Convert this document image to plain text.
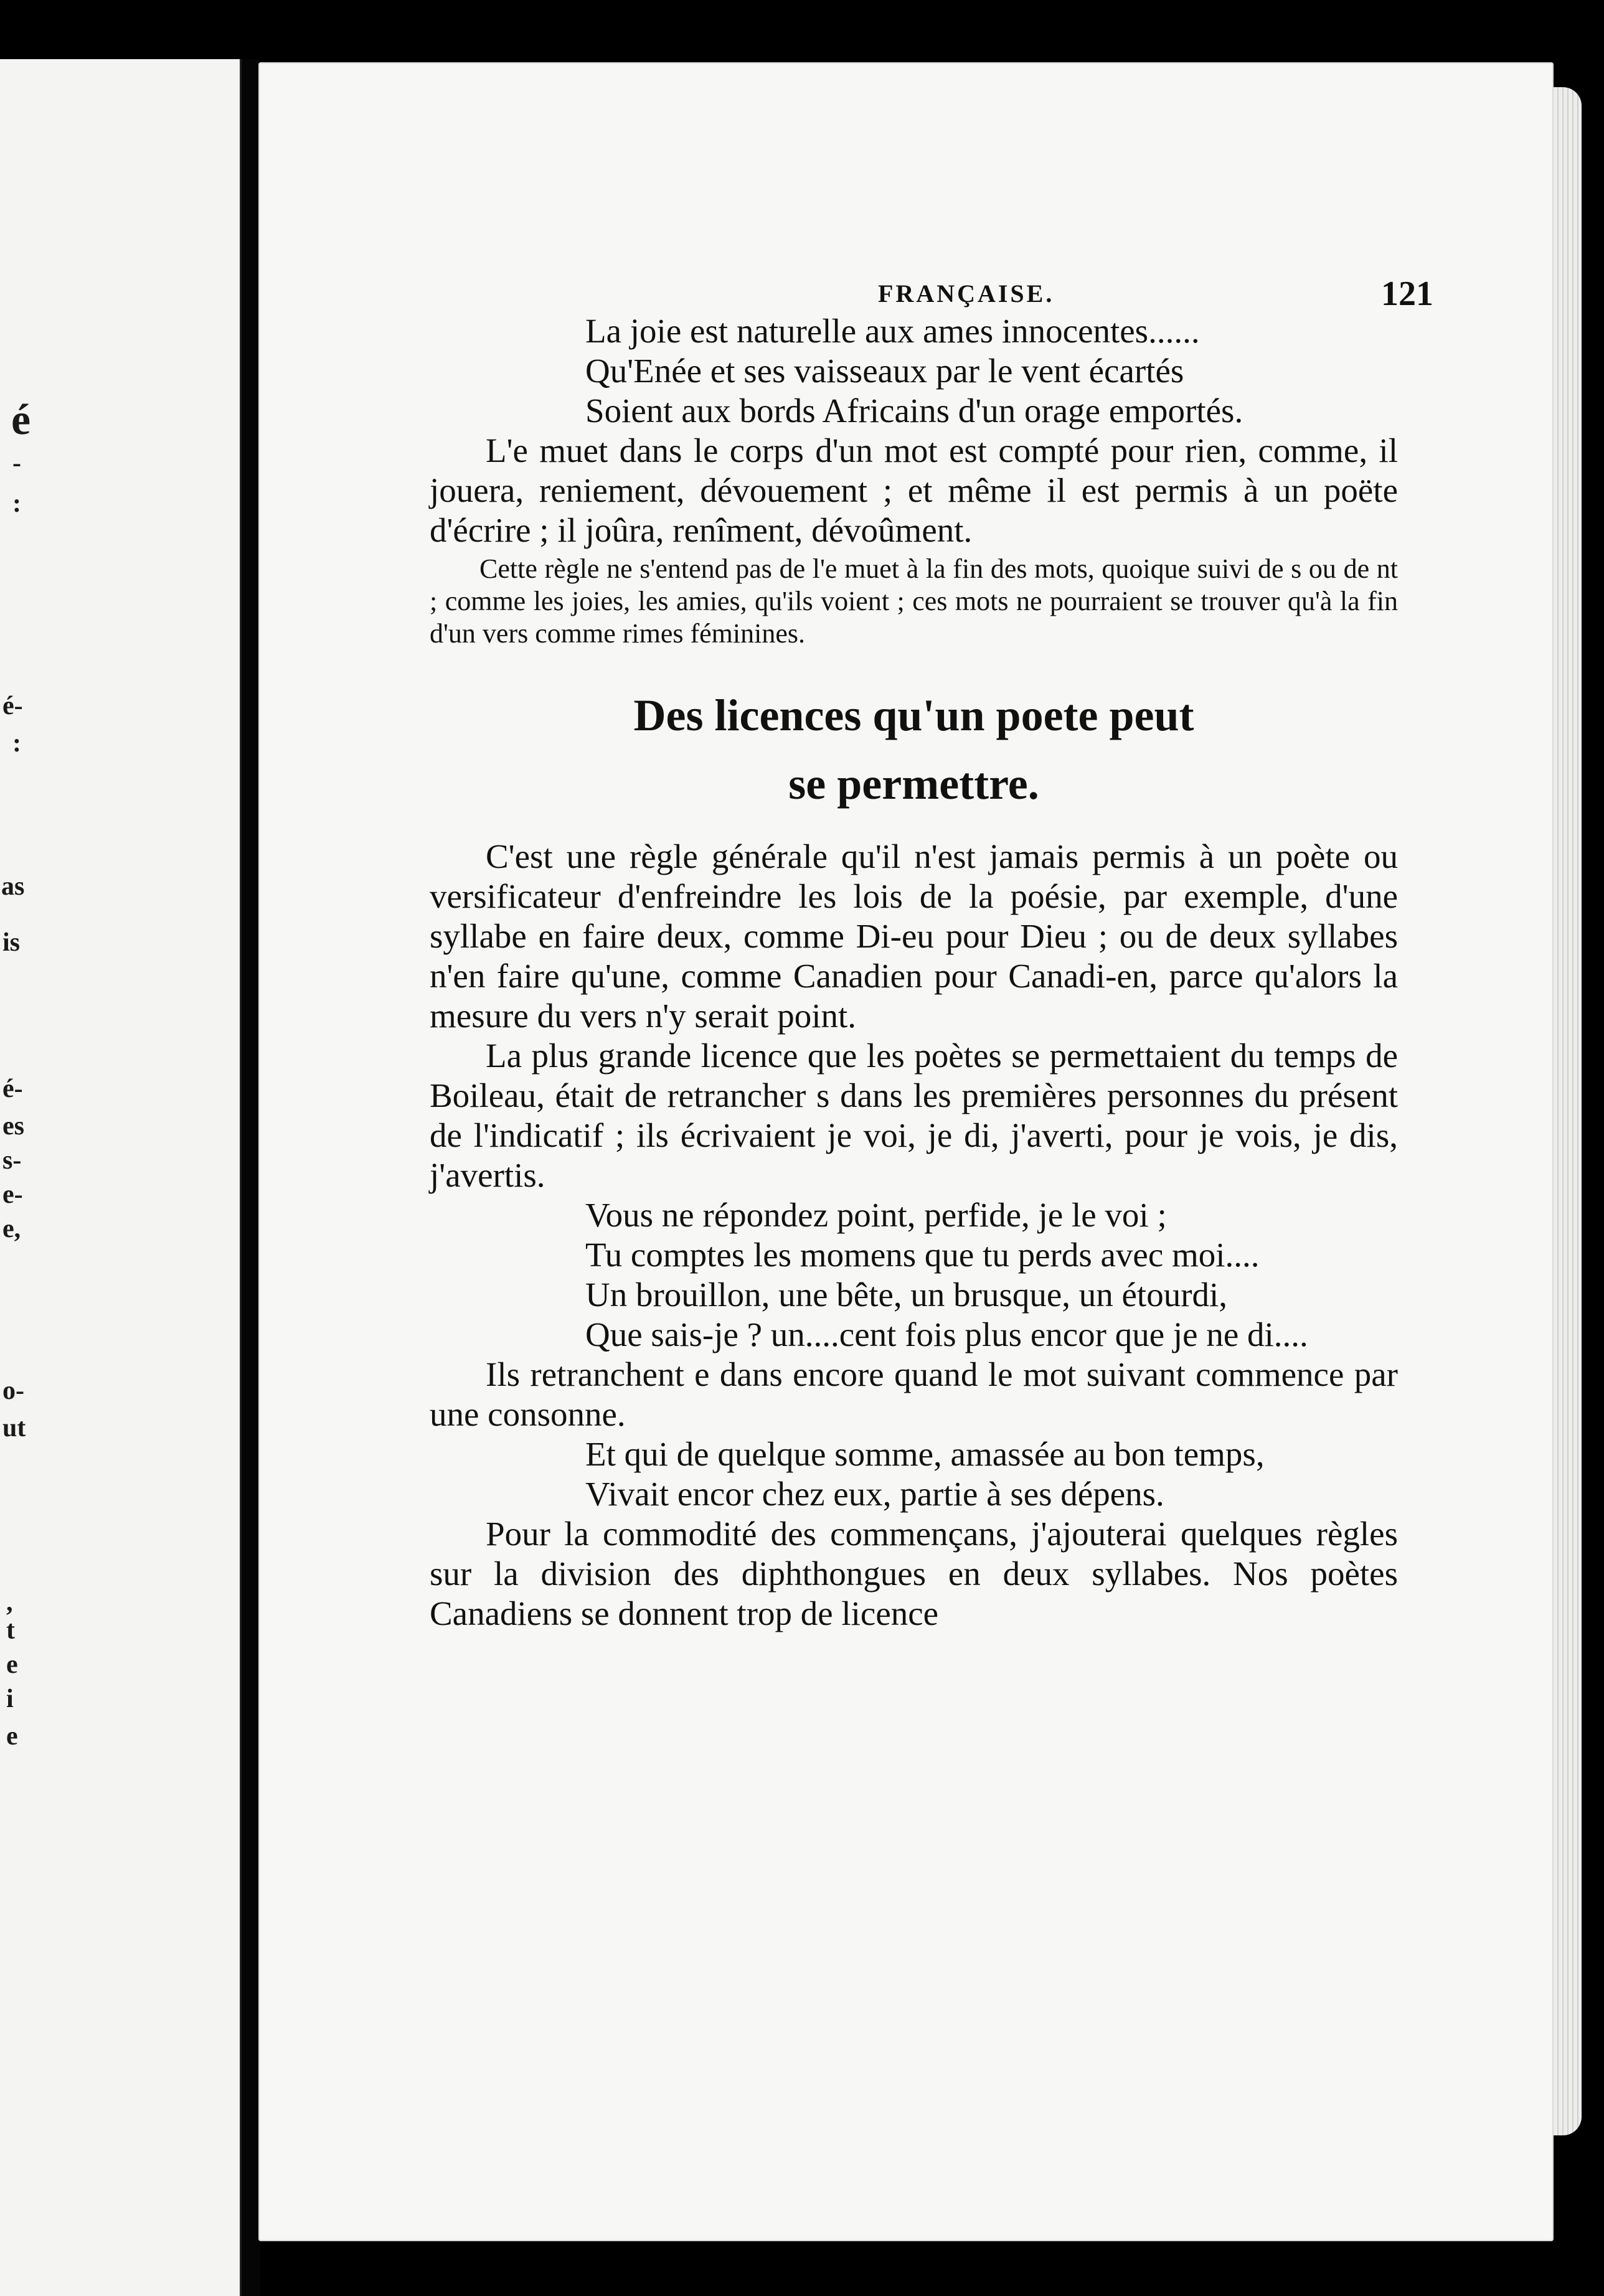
é
-
:
é-
:
as
is
é-
es
s-
e-
e,
o-
ut
,
t
e
i
e
FRANÇAISE.	121

La joie est naturelle aux ames innocentes......

Qu'Enée et ses vaisseaux par le vent écartés

Soient aux bords Africains d'un orage emportés.

L'e muet dans le corps d'un mot est compté pour rien, comme, il jouera, reniement, dévouement ; et même il est permis à un poëte d'écrire ; il joûra, renîment, dévoûment.

Cette règle ne s'entend pas de l'e muet à la fin des mots, quoique suivi de s ou de nt ; comme les joies, les amies, qu'ils voient ; ces mots ne pourraient se trouver qu'à la fin d'un vers comme rimes féminines.

Des licences qu'un poete peut
se permettre.

C'est une règle générale qu'il n'est jamais permis à un poète ou versificateur d'enfreindre les lois de la poésie, par exemple, d'une syllabe en faire deux, comme Di-eu pour Dieu ; ou de deux syllabes n'en faire qu'une, comme Canadien pour Canadi-en, parce qu'alors la mesure du vers n'y serait point.

La plus grande licence que les poètes se permettaient du temps de Boileau, était de retrancher s dans les premières personnes du présent de l'indicatif ; ils écrivaient je voi, je di, j'averti, pour je vois, je dis, j'avertis.

Vous ne répondez point, perfide, je le voi ;

Tu comptes les momens que tu perds avec moi....

Un brouillon, une bête, un brusque, un étourdi,

Que sais-je ? un....cent fois plus encor que je ne di....

Ils retranchent e dans encore quand le mot suivant commence par une consonne.

Et qui de quelque somme, amassée au bon temps,

Vivait encor chez eux, partie à ses dépens.

Pour la commodité des commençans, j'ajouterai quelques règles sur la division des diphthongues en deux syllabes. Nos poètes Canadiens se donnent trop de licence
